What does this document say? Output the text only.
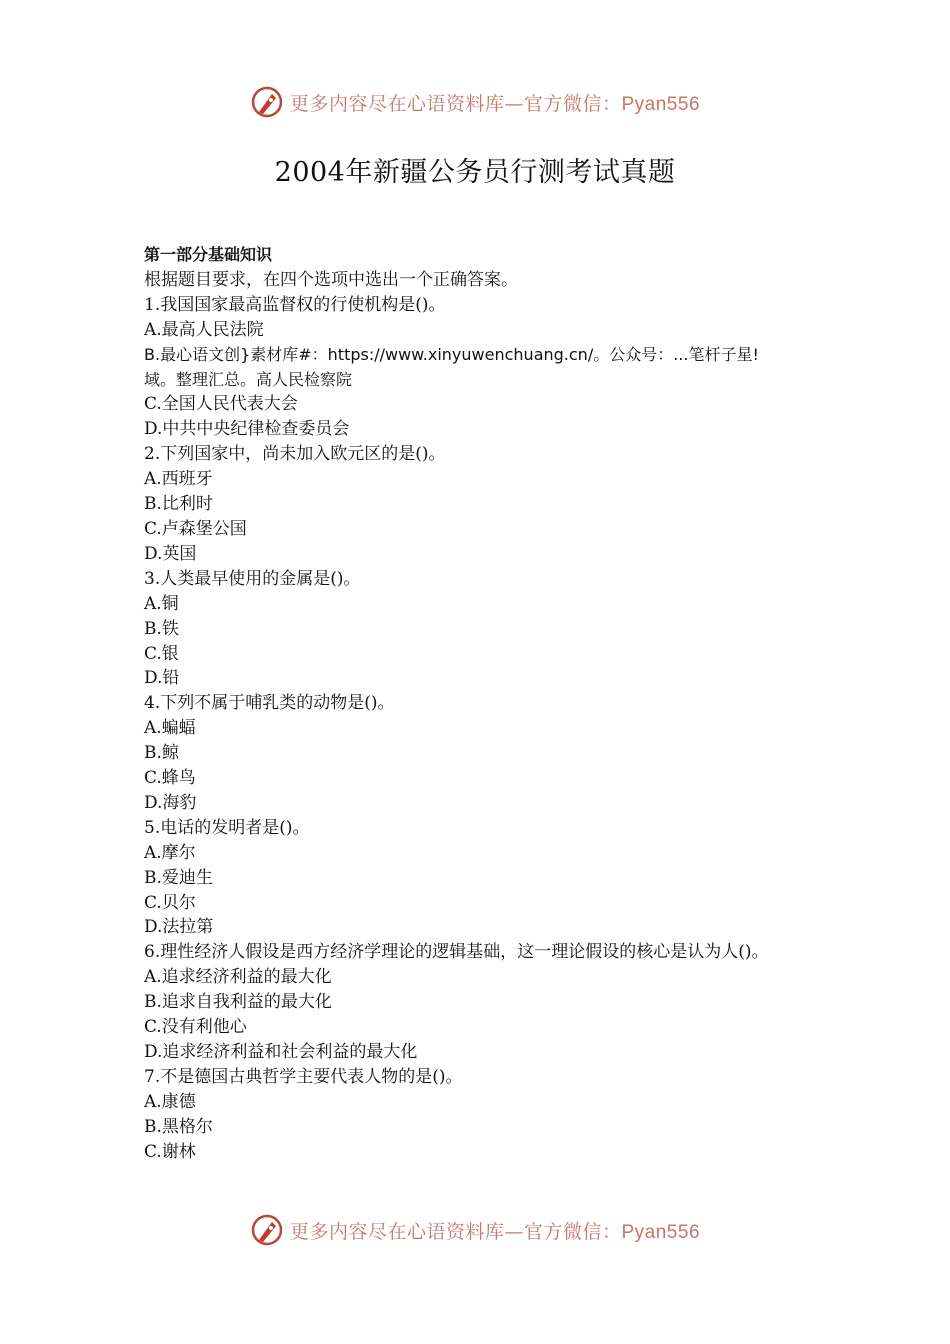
更多内容尽在心语资料库—官方微信：Pyan556
2004年新疆公务员行测考试真题
第一部分基础知识
根据题目要求，在四个选项中选出一个正确答案。
1.我国国家最高监督权的行使机构是()。
A.最高人民法院
B.最心语文创}素材库#：https://www.xinyuwenchuang.cn/。公众号：...笔杆子星!
域。整理汇总。高人民检察院
C.全国人民代表大会
D.中共中央纪律检查委员会
2.下列国家中，尚未加入欧元区的是()。
A.西班牙
B.比利时
C.卢森堡公国
D.英国
3.人类最早使用的金属是()。
A.铜
B.铁
C.银
D.铅
4.下列不属于哺乳类的动物是()。
A.蝙蝠
B.鲸
C.蜂鸟
D.海豹
5.电话的发明者是()。
A.摩尔
B.爱迪生
C.贝尔
D.法拉第
6.理性经济人假设是西方经济学理论的逻辑基础，这一理论假设的核心是认为人()。
A.追求经济利益的最大化
B.追求自我利益的最大化
C.没有利他心
D.追求经济利益和社会利益的最大化
7.不是德国古典哲学主要代表人物的是()。
A.康德
B.黑格尔
C.谢林
更多内容尽在心语资料库—官方微信：Pyan556
